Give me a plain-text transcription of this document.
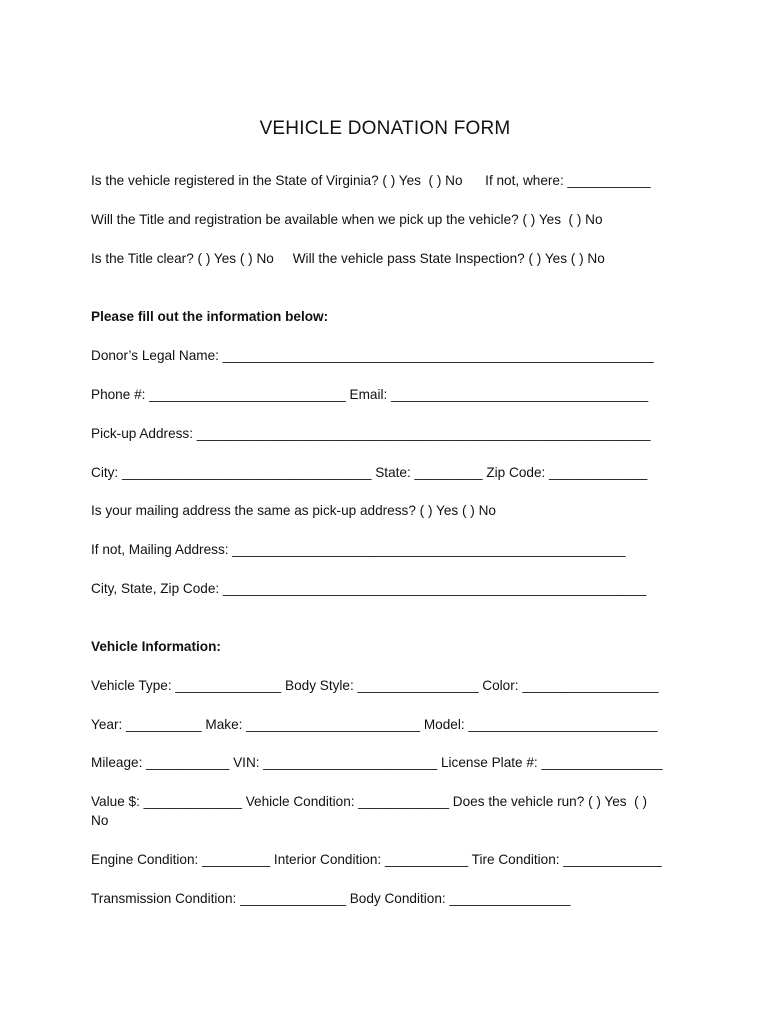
VEHICLE DONATION FORM
Is the vehicle registered in the State of Virginia? ( ) Yes  ( ) No      If not, where: ___________
Will the Title and registration be available when we pick up the vehicle? ( ) Yes  ( ) No
Is the Title clear? ( ) Yes ( ) No     Will the vehicle pass State Inspection? ( ) Yes ( ) No
Please fill out the information below:
Donor’s Legal Name: _________________________________________________________
Phone #: __________________________ Email: __________________________________
Pick-up Address: ____________________________________________________________
City: _________________________________ State: _________ Zip Code: _____________
Is your mailing address the same as pick-up address? ( ) Yes ( ) No
If not, Mailing Address: ____________________________________________________
City, State, Zip Code: ________________________________________________________
Vehicle Information:
Vehicle Type: ______________ Body Style: ________________ Color: __________________
Year: __________ Make: _______________________ Model: _________________________
Mileage: ___________ VIN: _______________________ License Plate #: ________________
Value $: _____________ Vehicle Condition: ____________ Does the vehicle run? ( ) Yes  ( )
No
Engine Condition: _________ Interior Condition: ___________ Tire Condition: _____________
Transmission Condition: ______________ Body Condition: ________________
